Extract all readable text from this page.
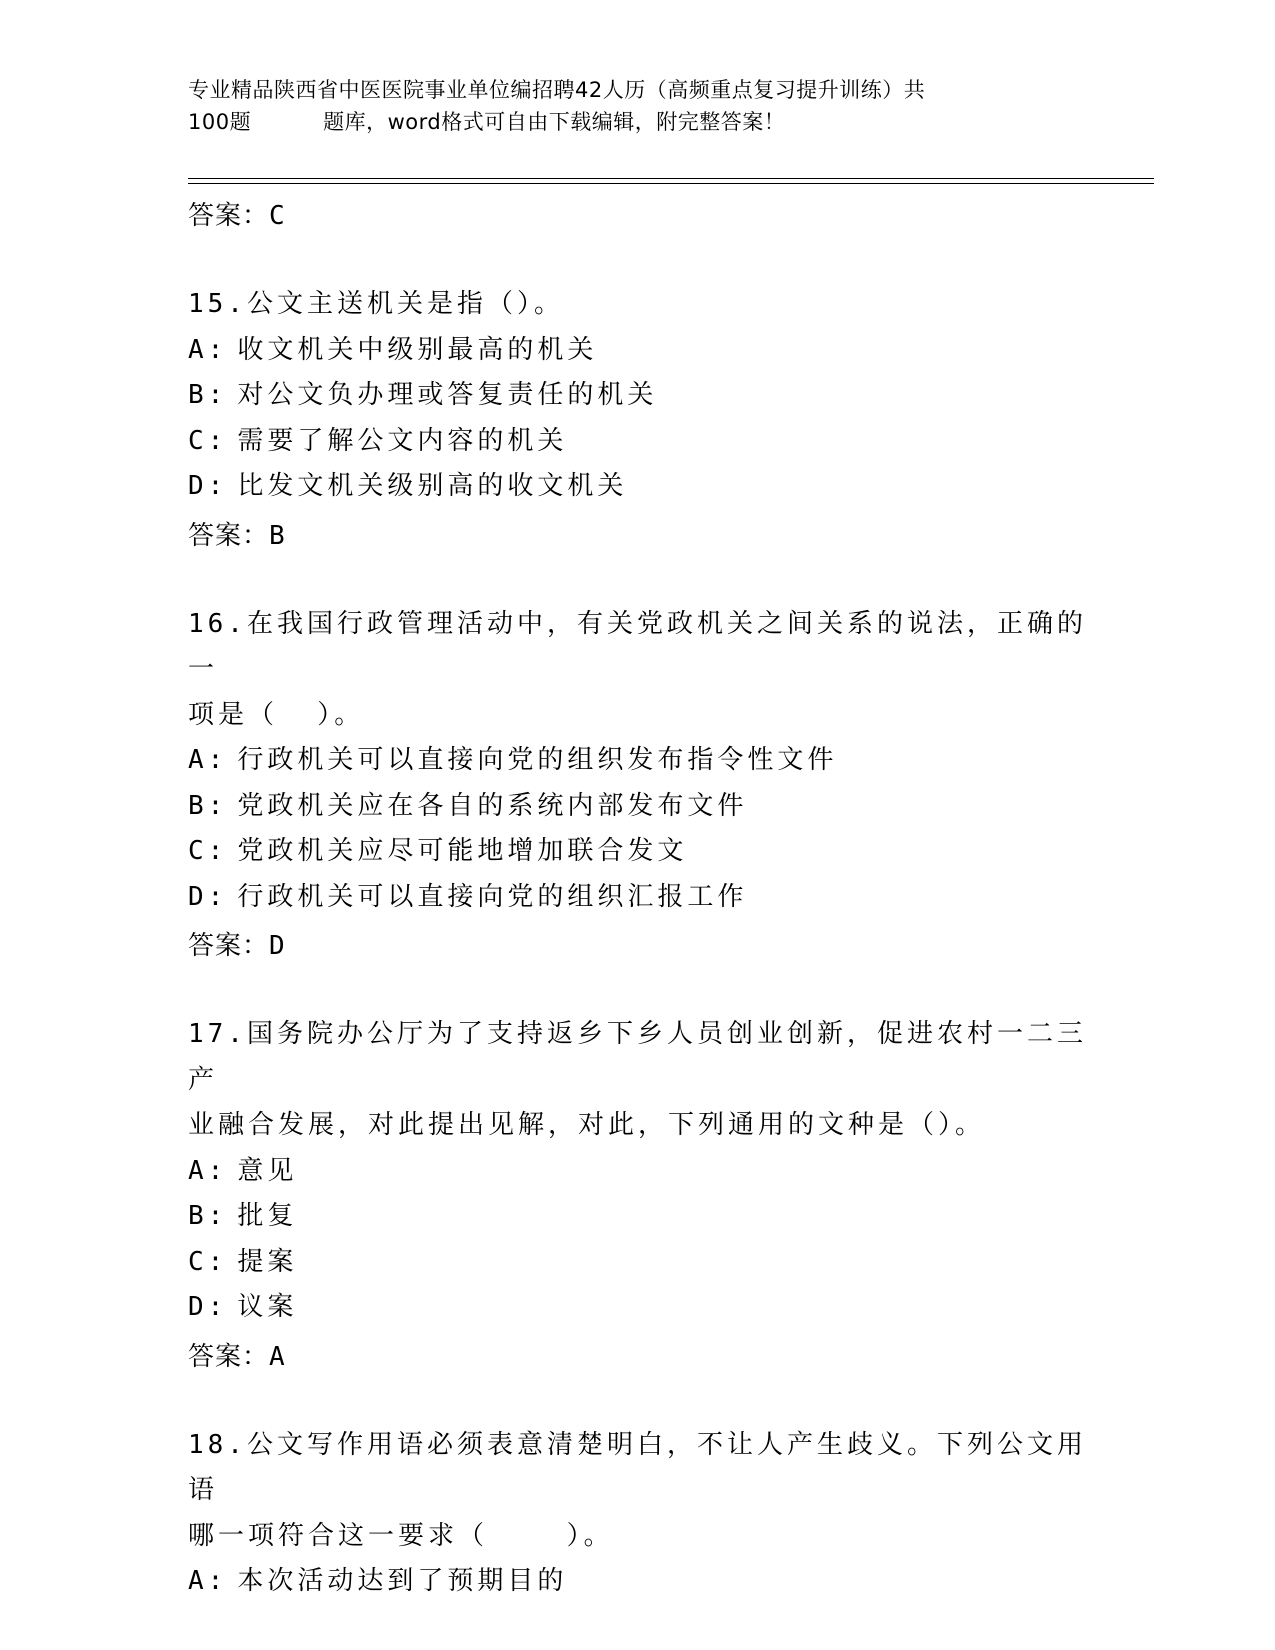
专业精品陕西省中医医院事业单位编招聘42人历（高频重点复习提升训练）共
100题	题库，word格式可自由下载编辑，附完整答案！
答案：C
15.公文主送机关是指（）。
A: 收文机关中级别最高的机关
B: 对公文负办理或答复责任的机关
C: 需要了解公文内容的机关
D: 比发文机关级别高的收文机关
答案：B
16.在我国行政管理活动中，有关党政机关之间关系的说法，正确的一
项是（  ）。
A: 行政机关可以直接向党的组织发布指令性文件
B: 党政机关应在各自的系统内部发布文件
C: 党政机关应尽可能地增加联合发文
D: 行政机关可以直接向党的组织汇报工作
答案：D
17.国务院办公厅为了支持返乡下乡人员创业创新，促进农村一二三产
业融合发展，对此提出见解，对此，下列通用的文种是（）。
A: 意见
B: 批复
C: 提案
D: 议案
答案：A
18.公文写作用语必须表意清楚明白，不让人产生歧义。下列公文用语
哪一项符合这一要求（    ）。
A: 本次活动达到了预期目的
